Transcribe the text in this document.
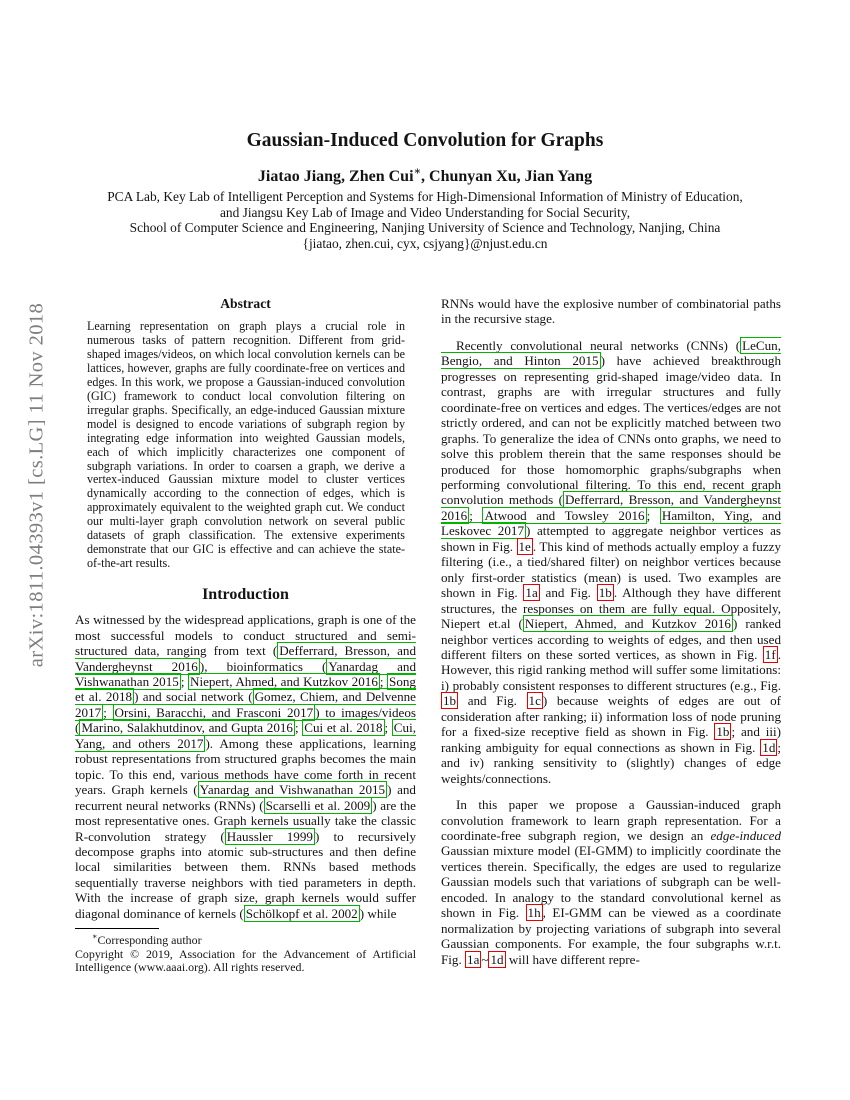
arXiv:1811.04393v1 [cs.LG] 11 Nov 2018
Gaussian-Induced Convolution for Graphs
Jiatao Jiang, Zhen Cui∗, Chunyan Xu, Jian Yang
PCA Lab, Key Lab of Intelligent Perception and Systems for High-Dimensional Information of Ministry of Education,
and Jiangsu Key Lab of Image and Video Understanding for Social Security,
School of Computer Science and Engineering, Nanjing University of Science and Technology, Nanjing, China
{jiatao, zhen.cui, cyx, csjyang}@njust.edu.cn
Abstract
Learning representation on graph plays a crucial role in numerous tasks of pattern recognition. Different from grid-shaped images/videos, on which local convolution kernels can be lattices, however, graphs are fully coordinate-free on vertices and edges. In this work, we propose a Gaussian-induced convolution (GIC) framework to conduct local convolution filtering on irregular graphs. Specifically, an edge-induced Gaussian mixture model is designed to encode variations of subgraph region by integrating edge information into weighted Gaussian models, each of which implicitly characterizes one component of subgraph variations. In order to coarsen a graph, we derive a vertex-induced Gaussian mixture model to cluster vertices dynamically according to the connection of edges, which is approximately equivalent to the weighted graph cut. We conduct our multi-layer graph convolution network on several public datasets of graph classification. The extensive experiments demonstrate that our GIC is effective and can achieve the state-of-the-art results.
Introduction

As witnessed by the widespread applications, graph is one of the most successful models to conduct structured and semi-structured data, ranging from text ( Defferrard, Bresson, and Vandergheynst 2016 ), bioinformatics ( Yanardag and Vishwanathan 2015 ; Niepert, Ahmed, and Kutzkov 2016 ; Song et al. 2018 ) and social network ( Gomez, Chiem, and Delvenne 2017 ; Orsini, Baracchi, and Frasconi 2017 ) to images/videos ( Marino, Salakhutdinov, and Gupta 2016 ; Cui et al. 2018 ; Cui, Yang, and others 2017 ). Among these applications, learning robust representations from structured graphs becomes the main topic. To this end, various methods have come forth in recent years. Graph kernels ( Yanardag and Vishwanathan 2015 ) and recurrent neural networks (RNNs) ( Scarselli et al. 2009 ) are the most representative ones. Graph kernels usually take the classic R-convolution strategy ( Haussler 1999 ) to recursively decompose graphs into atomic sub-structures and then define local similarities between them. RNNs based methods sequentially traverse neighbors with tied parameters in depth. With the increase of graph size, graph kernels would suffer diagonal dominance of kernels ( Schölkopf et al. 2002 ) while

∗Corresponding author
Copyright © 2019, Association for the Advancement of Artificial Intelligence (www.aaai.org). All rights reserved.

RNNs would have the explosive number of combinatorial paths in the recursive stage.

Recently convolutional neural networks (CNNs) ( LeCun, Bengio, and Hinton 2015 ) have achieved breakthrough progresses on representing grid-shaped image/video data. In contrast, graphs are with irregular structures and fully coordinate-free on vertices and edges. The vertices/edges are not strictly ordered, and can not be explicitly matched between two graphs. To generalize the idea of CNNs onto graphs, we need to solve this problem therein that the same responses should be produced for those homomorphic graphs/subgraphs when performing convolutional filtering. To this end, recent graph convolution methods ( Defferrard, Bresson, and Vandergheynst 2016 ; Atwood and Towsley 2016 ; Hamilton, Ying, and Leskovec 2017 ) attempted to aggregate neighbor vertices as shown in Fig. 1e . This kind of methods actually employ a fuzzy filtering (i.e., a tied/shared filter) on neighbor vertices because only first-order statistics (mean) is used. Two examples are shown in Fig. 1a and Fig. 1b . Although they have different structures, the responses on them are fully equal. Oppositely, Niepert et.al ( Niepert, Ahmed, and Kutzkov 2016 ) ranked neighbor vertices according to weights of edges, and then used different filters on these sorted vertices, as shown in Fig. 1f . However, this rigid ranking method will suffer some limitations: i) probably consistent responses to different structures (e.g., Fig. 1b and Fig. 1c ) because weights of edges are out of consideration after ranking; ii) information loss of node pruning for a fixed-size receptive field as shown in Fig. 1b ; and iii) ranking ambiguity for equal connections as shown in Fig. 1d ; and iv) ranking sensitivity to (slightly) changes of edge weights/connections.

In this paper we propose a Gaussian-induced graph convolution framework to learn graph representation. For a coordinate-free subgraph region, we design an edge-induced Gaussian mixture model (EI-GMM) to implicitly coordinate the vertices therein. Specifically, the edges are used to regularize Gaussian models such that variations of subgraph can be well-encoded. In analogy to the standard convolutional kernel as shown in Fig. 1h , EI-GMM can be viewed as a coordinate normalization by projecting variations of subgraph into several Gaussian components. For example, the four subgraphs w.r.t. Fig. 1a ~ 1d will have different repre-
